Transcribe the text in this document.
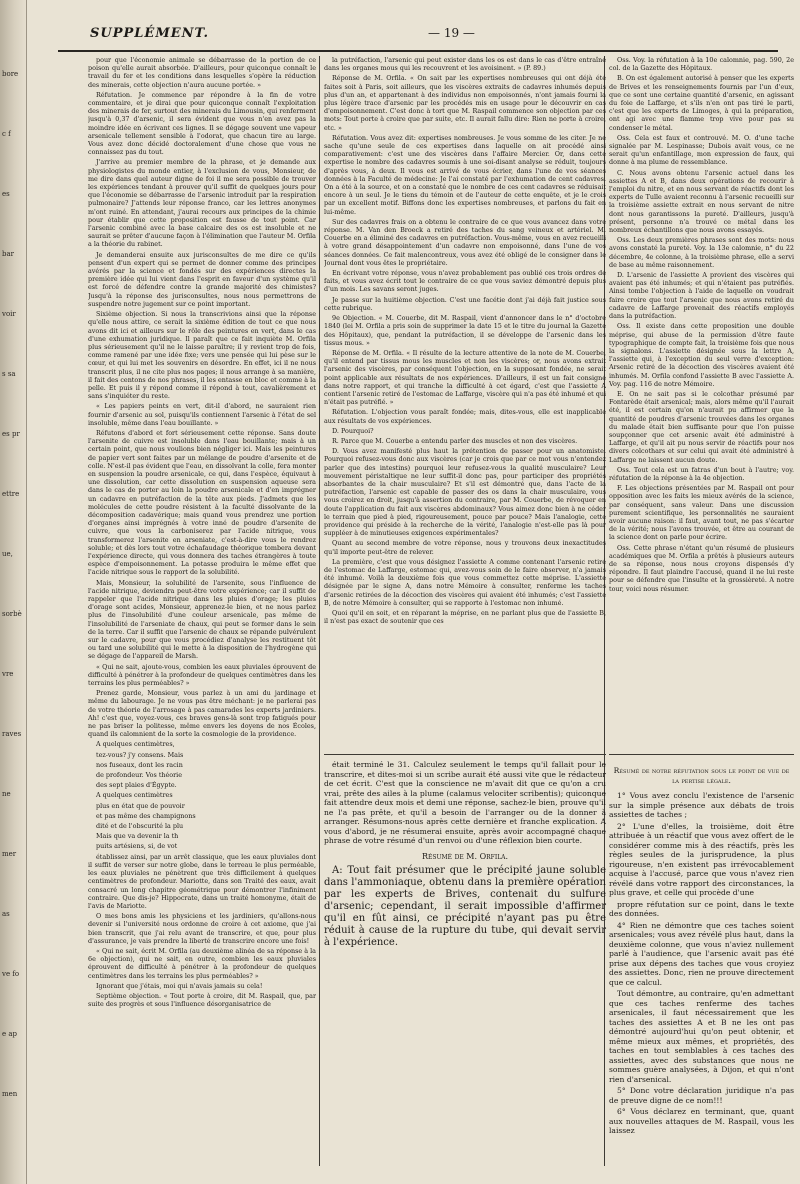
bore
c f
es
bar
voir
s sa
es pr
ettre
ue,
sorbè
vre
raves
ne
mer
as
ve fo
e ap
men
SUPPLÉMENT.	— 19 —

pour que l'économie animale se débarrasse de la portion de ce poison qu'elle aurait absorbée. D'ailleurs, pour quiconque connaît le travail du fer et les conditions dans lesquelles s'opère la réduction des minerais, cette objection n'aura aucune portée. »

Réfutation. Je commence par répondre à la fin de votre commentaire, et je dirai que pour quiconque connaît l'exploitation des minerais de fer, surtout des minerais du Limousin, qui renferment jusqu'à 0,37 d'arsenic, il sera évident que vous n'en avez pas la moindre idée en écrivant ces lignes. Il se dégage souvent une vapeur arsenicale tellement sensible à l'odorat, que chacun tire au large. Vous avez donc décidé doctoralement d'une chose que vous ne connaissez pas du tout.

J'arrive au premier membre de la phrase, et je demande aux physiologistes du monde entier, à l'exclusion de vous, Monsieur, de me dire dans quel auteur digne de foi il me sera possible de trouver les expériences tendant à prouver qu'il suffit de quelques jours pour que l'économie se débarrasse de l'arsenic introduit par la respiration pulmonaire? J'attends leur réponse franco, car les lettres anonymes m'ont ruiné. En attendant, j'aurai recours aux principes de la chimie pour établir que cette proposition est fausse de tout point. Car l'arsenic combiné avec la base calcaire des os est insoluble et ne saurait se prêter d'aucune façon à l'élimination que l'auteur M. Orfila a la théorie du rabinet.

Je demanderai ensuite aux jurisconsultes de me dire ce qu'ils pensent d'un expert qui se permet de donner comme des principes avérés par la science et fondés sur des expériences directes la première idée qui lui vient dans l'esprit en faveur d'un système qu'il est forcé de défendre contre la grande majorité des chimistes? Jusqu'à la réponse des jurisconsultes, nous nous permettrons de suspendre notre jugement sur ce point important.

Sixième objection. Si nous la transcrivions ainsi que la réponse qu'elle nous attire, ce serait la sixième édition de tout ce que nous avons dit ici et ailleurs sur le rôle des peintures en vert, dans le cas d'une exhumation juridique. Il paraît que ce fait inquiète M. Orfila plus sérieusement qu'il ne le laisse paraître; il y revient trop de fois, comme ramené par une idée fixe; vers une pensée qui lui pèse sur le cœur, et qui lui met les souvenirs en désordre. En effet, ici il ne nous transcrit plus, il ne cite plus nos pages; il nous arrange à sa manière, il fait des centons de nos phrases, il les entasse en bloc et comme à la pelle. Et puis il y répond comme il répond à tout, cavalièrement et sans s'inquiéter du reste.

« Les papiers peints en vert, dit-il d'abord, ne sauraient rien fournir d'arsenic au sol, puisqu'ils contiennent l'arsenic à l'état de sel insoluble, même dans l'eau bouillante. »

Réfutons d'abord et fort sérieusement cette réponse. Sans doute l'arsenite de cuivre est insoluble dans l'eau bouillante; mais à un certain point, que nous voulions bien négliger ici. Mais les peintures de papier vert sont faites par un mélange de poudre d'arsenite et de colle. N'est-il pas évident que l'eau, en dissolvant la colle, fera monter en suspension la poudre arsenicale, ce qui, dans l'espèce, équivaut à une dissolution, car cette dissolution en suspension aqueuse sera dans le cas de porter au loin la poudre arsenicale et d'en imprégner un cadavre en putréfaction de la tête aux pieds. J'admets que les molécules de cette poudre résistent à la faculté dissolvante de la décomposition cadavérique; mais quand vous prendrez une portion d'organes ainsi imprégnés à votre inné de poudre d'arsenite de cuivre, que vous la carboniserez par l'acide nitrique, vous transformerez l'arsenite en arseniate, c'est-à-dire vous le rendrez soluble; et dès lors tout votre échafaudage théorique tombera devant l'expérience directe, qui vous donnera des taches étrangères à toute espèce d'empoisonnement. La potasse produira le même effet que l'acide nitrique sous le rapport de la solubilité.

Mais, Monsieur, la solubilité de l'arsenite, sous l'influence de l'acide nitrique, deviendra peut-être votre expérience; car il suffit de rappeler que l'acide nitrique dans les pluies d'orage; les pluies d'orage sont acides, Monsieur, apprenez-le bien, et ne nous parlez plus de l'insolubilité d'une couleur arsenicale, pas même de l'insolubilité de l'arseniate de chaux, qui peut se former dans le sein de la terre. Car il suffit que l'arsenic de chaux se répande pulvérulent sur le cadavre, pour que vous procédiez d'analyse les restituent tôt ou tard une solubilité qui le mette à la disposition de l'hydrogène qui se dégage de l'appareil de Marsh.

« Qui ne sait, ajoute-vous, combien les eaux pluviales éprouvent de difficulté à pénétrer à la profondeur de quelques centimètres dans les terrains les plus perméables? »

Prenez garde, Monsieur, vous parlez à un ami du jardinage et même du labourage. Je ne vous pas être méchant: je ne parlerai pas de votre théorie de l'arrosage à pas camarades les experts jardiniers. Ah! c'est que, voyez-vous, ces braves gens-là sont trop fatigués pour ne pas briser la politesse, même envers les doyens de nos Écoles, quand ils calomnient de la sorte la cosmologie de la providence.

A quelques centimètres,

tez-vous? j'y consens. Mais

nos fuseaux, dont les racin

de profondeur. Vos théorie

des sept plaies d'Égypte.

A quelques centimètres

plus en état que de pouvoir

et pas même des champignons

dité et de l'obscurité la plu

Mais que va devenir la th

puits artésiens, si, de vot

établissez ainsi, par un arrêt classique, que les eaux pluviales dont il suffit de verser sur notre globe, dans le terreau le plus perméable, les eaux pluviales ne pénètrent que très difficilement à quelques centimètres de profondeur. Mariotte, dans son Traité des eaux, avait consacré un long chapitre géométrique pour démontrer l'infiniment contraire. Que dis-je? Hippocrate, dans un traité homonyme, était de l'avis de Mariotte.

O mes bons amis les physiciens et les jardiniers, qu'allons-nous devenir si l'université nous ordonne de croire à cet axiome, que j'ai bien transcrit, que j'ai relu avant de transcrire, et que, pour plus d'assurance, je vais prendre la liberté de transcrire encore une fois!

« Qui ne sait, écrit M. Orfila (au deuxième alinéa de sa réponse à la 6e objection), qui ne sait, en outre, combien les eaux pluviales éprouvent de difficulté à pénétrer à la profondeur de quelques centimètres dans les terrains les plus perméables? »

Ignorant que j'étais, moi qui n'avais jamais su cela!

Septième objection. « Tout porte à croire, dit M. Raspail, que, par suite des progrès et sous l'influence désorganisatrice de

la putréfaction, l'arsenic qui peut exister dans les os est dans le cas d'être entraîné dans les organes mous qui les recouvrent et les avoisinent. » (P. 89.)

Réponse de M. Orfila. « On sait par les expertises nombreuses qui ont déjà été faites soit à Paris, soit ailleurs, que les viscères extraits de cadavres inhumés depuis plus d'un an, et appartenant à des individus non empoisonnés, n'ont jamais fourni la plus légère trace d'arsenic par les procédés mis en usage pour le découvrir en cas d'empoisonnement. C'est donc à tort que M. Raspail commence son objection par ces mots: Tout porte à croire que par suite, etc. Il aurait fallu dire: Rien ne porte à croire, etc. »

Réfutation. Vous avez dit: expertises nombreuses. Je vous somme de les citer. Je ne sache qu'une seule de ces expertises dans laquelle on ait procédé ainsi comparativement: c'est une des viscères dans l'affaire Mercier. Or, dans cette expertise le nombre des cadavres soumis à une soi-disant analyse se réduit, toujours d'après vous, à deux. Il vous est arrivé de vous écrier, dans l'une de vos séances données à la Faculté de médecine: Je l'ai constaté par l'exhumation de cent cadavres. On a été à la source, et on a constaté que le nombre de ces cent cadavres se réduisait encore à un seul. Je le tiens du témoin et de l'auteur de cette enquête, et je le crois par un excellent motif. Biffons donc les expertises nombreuses, et parlons du fait en lui-même.

Sur des cadavres frais on a obtenu le contraire de ce que vous avancez dans votre réponse. M. Van den Broeck a retiré des taches du sang veineux et artériel. M. Couerbe en a éliminé des cadavres en putréfaction. Vous-même, vous en avez recueilli à votre grand désappointement d'un cadavre non empoisonné, dans l'une de vos séances données. Ce fait malencontreux, vous avez été obligé de le consigner dans le Journal dont vous êtes le propriétaire.

En écrivant votre réponse, vous n'avez probablement pas oublié ces trois ordres de faits, et vous avez écrit tout le contraire de ce que vous saviez démontré depuis plus d'un mois. Les savans seront juges.

Je passe sur la huitième objection. C'est une facétie dont j'ai déjà fait justice sous cette rubrique.

9e Objection. « M. Couerbe, dit M. Raspail, vient d'annoncer dans le n° d'octobre 1840 (lei M. Orfila a pris soin de supprimer la date 15 et le titre du journal la Gazette des Hôpitaux), que, pendant la putréfaction, il se développe de l'arsenic dans les tissus mous. »

Réponse de M. Orfila. « Il résulte de la lecture attentive de la note de M. Couerbe, qu'il entend par tissus mous les muscles et non les viscères; or, nous avons extrait l'arsenic des viscères, par conséquent l'objection, en la supposant fondée, ne serait point applicable aux résultats de nos expériences. D'ailleurs, il est un fait consigné dans notre rapport, et qui tranche la difficulté à cet égard, c'est que l'assiette A contient l'arsenic retiré de l'estomac de Laffarge, viscère qui n'a pas été inhumé et qui n'était pas putréfié. »

Réfutation. L'objection vous paraît fondée; mais, dites-vous, elle est inapplicable aux résultats de vos expériences.

D. Pourquoi?

R. Parce que M. Couerbe a entendu parler des muscles et non des viscères.

D. Vous avez manifesté plus haut la prétention de passer pour un anatomiste. Pourquoi refusez-vous donc aux viscères (car je crois que par ce mot vous n'entendez parler que des intestins) pourquoi leur refusez-vous la qualité musculaire? Leur mouvement péristaltique ne leur suffit-il donc pas, pour participer des propriétés absorbantes de la chair musculaire? Et s'il est démontré que, dans l'acte de la putréfaction, l'arsenic est capable de passer des os dans la chair musculaire, vous vous croirez en droit, jusqu'à assertion du contraire, par M. Couerbe, de révoquer en doute l'application du fait aux viscères abdominaux? Vous aimez donc bien à ne céder le terrain que pied à pied, rigoureusement, pouce par pouce? Mais l'analogie, cette providence qui préside à la recherche de la vérité, l'analogie n'est-elle pas là pour suppléer à de minutieuses exigences expérimentales?

Quant au second membre de votre réponse, nous y trouvons deux inexactitudes qu'il importe peut-être de relever.

La première, c'est que vous désignez l'assiette A comme contenant l'arsenic retiré de l'estomac de Laffarge, estomac qui, avez-vous soin de le faire observer, n'a jamais été inhumé. Voilà la deuxième fois que vous commettez cette méprise. L'assiette désignée par le signe A, dans notre Mémoire à consulter, renferme les taches d'arsenic retirées de la décoction des viscères qui avaient été inhumés; c'est l'assiette B, de notre Mémoire à consulter, qui se rapporte à l'estomac non inhumé.

Quoi qu'il en soit, et en réparant la méprise, en ne parlant plus que de l'assiette B, il n'est pas exact de soutenir que ces

était terminé le 31. Calculez seulement le temps qu'il fallait pour le transcrire, et dites-moi si un scribe aurait été aussi vite que le rédacteur de cet écrit. C'est que la conscience ne m'avait dit que ce qu'on a cru vrai, prête des ailes à la plume (calamus velociter scribentis); quiconque fait attendre deux mois et demi une réponse, sachez-le bien, prouve qu'il ne l'a pas prête, et qu'il a besoin de l'arranger ou de la donner à arranger. Résumons-nous après cette dernière et franche explication. A vous d'abord, je ne résumerai ensuite, après avoir accompagné chaque phrase de votre résumé d'un renvoi ou d'une réflexion bien courte.

Résumé de M. Orfila.

A: Tout fait présumer que le précipité jaune soluble dans l'ammoniaque, obtenu dans la première opération par les experts de Brives, contenait du sulfure d'arsenic; cependant, il serait impossible d'affirmer qu'il en fût ainsi, ce précipité n'ayant pas pu être réduit à cause de la rupture du tube, qui devait servir à l'expérience.

Oss. Voy. la réfutation à la 10e calomnie, pag. 590, 2e col. de la Gazette des Hôpitaux.

B. On est également autorisé à penser que les experts de Brives et les renseignements fournis par l'un d'eux, que ce sont une certaine quantité d'arsenic, en agissant du foie de Laffarge, et s'ils n'en ont pas tiré le parti, c'est que les experts de Limoges, à qui la préparation, ont agi avec une flamme trop vive pour pas su condenser le métal.

Oss. Cela est faux et controuvé. M. O. d'une tache signalée par M. Lespinasse; Dubois avait vous, ce ne serait qu'un enfantillage, mon expression de faux, qui donne à ma plume de ressemblance.

C. Nous avons obtenu l'arsenic actuel dans les assiettes A et B, dans deux opérations de recourir à l'emploi du nitre, et en nous servant de réactifs dont les experts de Tulle avaient reconnu à l'arsenic recueilli sur la troisième assiette extrait en nous servant de nitre dont nous garantissons la pureté. D'ailleurs, jusqu'à présent, personne n'a trouvé ce métal dans les nombreux échantillons que nous avons essayés.

Oss. Les deux premières phrases sont des mots: nous avons constaté la pureté. Voy. la 13e calomnie, n° du 22 décembre, 4e colonne, à la troisième phrase, elle a servi de base au même raisonnement.

D. L'arsenic de l'assiette A provient des viscères qui avaient pas été inhumés; et qui n'étaient pas putréfiés. Ainsi tombe l'objection à l'aide de laquelle on voudrait faire croire que tout l'arsenic que nous avons retiré du cadavre de Laffarge provenait des réactifs employés dans la putréfaction.

Oss. Il existe dans cette proposition une double méprise, qui abuse de la permission d'être faute typographique de compte fait, la troisième fois que nous la signalons. L'assiette désignée sous la lettre A, l'assiette qui, à l'exception du seul verre d'exception: Arsenic retiré de la décoction des viscères avaient été inhumés. M. Orfila confond l'assiette B avec l'assiette A. Voy. pag. 116 de notre Mémoire.

E. On ne sait pas si le colcothar présumé par Fontarède était arsenical; mais, alors même qu'il l'aurait été, il est certain qu'on n'aurait pu affirmer que la quantité de poudres d'arsenic trouvées dans les organes du malade était bien suffisante pour que l'on puisse soupçonner que cet arsenic avait été administré à Laffarge, et qu'il ait pu nous servir de réactifs pour nos divers colcothars et sur celui qui avait été administré à Laffarge ne laissent aucun doute.

Oss. Tout cela est un fatras d'un bout à l'autre; voy. réfutation de la réponse à la 4e objection.

F. Les objections présentées par M. Raspail ont pour opposition avec les faits les mieux avérés de la science, par conséquent, sans valeur. Dans une discussion purement scientifique, les personnalités ne sauraient avoir aucune raison: il faut, avant tout, ne pas s'écarter de la vérité; nous l'avons trouvée, et être au courant de la science dont on parle pour écrire.

Oss. Cette phrase n'étant qu'un résumé de plusieurs académiques que M. Orfila a prêtés à plusieurs auteurs de sa réponse, nous nous croyons dispensés d'y répondre. Il faut plaindre l'accusé, quand il ne lui reste pour se défendre que l'insulte et la grossièreté. A notre tour, voici nous résumer.

Résumé de notre réfutation sous le point de vue de la pertise légale.

1° Vous avez conclu l'existence de l'arsenic sur la simple présence aux débats de trois assiettes de taches ;

2° L'une d'elles, la troisième, doit être attribuée à un réactif que vous avez offert de le considérer comme mis à des réactifs, près les règles seules de la jurisprudence, la plus rigoureuse, n'en existent pas irrévocablement acquise à l'accusé, parce que vous n'avez rien révélé dans votre rapport des circonstances, la plus grave, et celle qui procède d'une

propre réfutation sur ce point, dans le texte des données.

4° Rien ne démontre que ces taches soient arsenicales; vous avez révélé plus haut, dans la deuxième colonne, que vous n'aviez nullement parlé à l'audience, que l'arsenic avait pas été prise aux dépens des taches que vous croyiez des assiettes. Donc, rien ne prouve directement que ce calcul.

Tout démontre, au contraire, qu'en admettant que ces taches renferme des taches arsenicales, il faut nécessairement que les taches des assiettes A et B ne les ont pas démontré aujourd'hui qu'on peut obtenir, et même mieux aux mêmes, et propriétés, des taches en tout semblables à ces taches des assiettes, avec des substances que nous ne sommes guère analysées, à Dijon, et qui n'ont rien d'arsenical.

5° Donc votre déclaration juridique n'a pas de preuve digne de ce nom!!!

6° Vous déclarez en terminant, que, quant aux nouvelles attaques de M. Raspail, vous les laissez
